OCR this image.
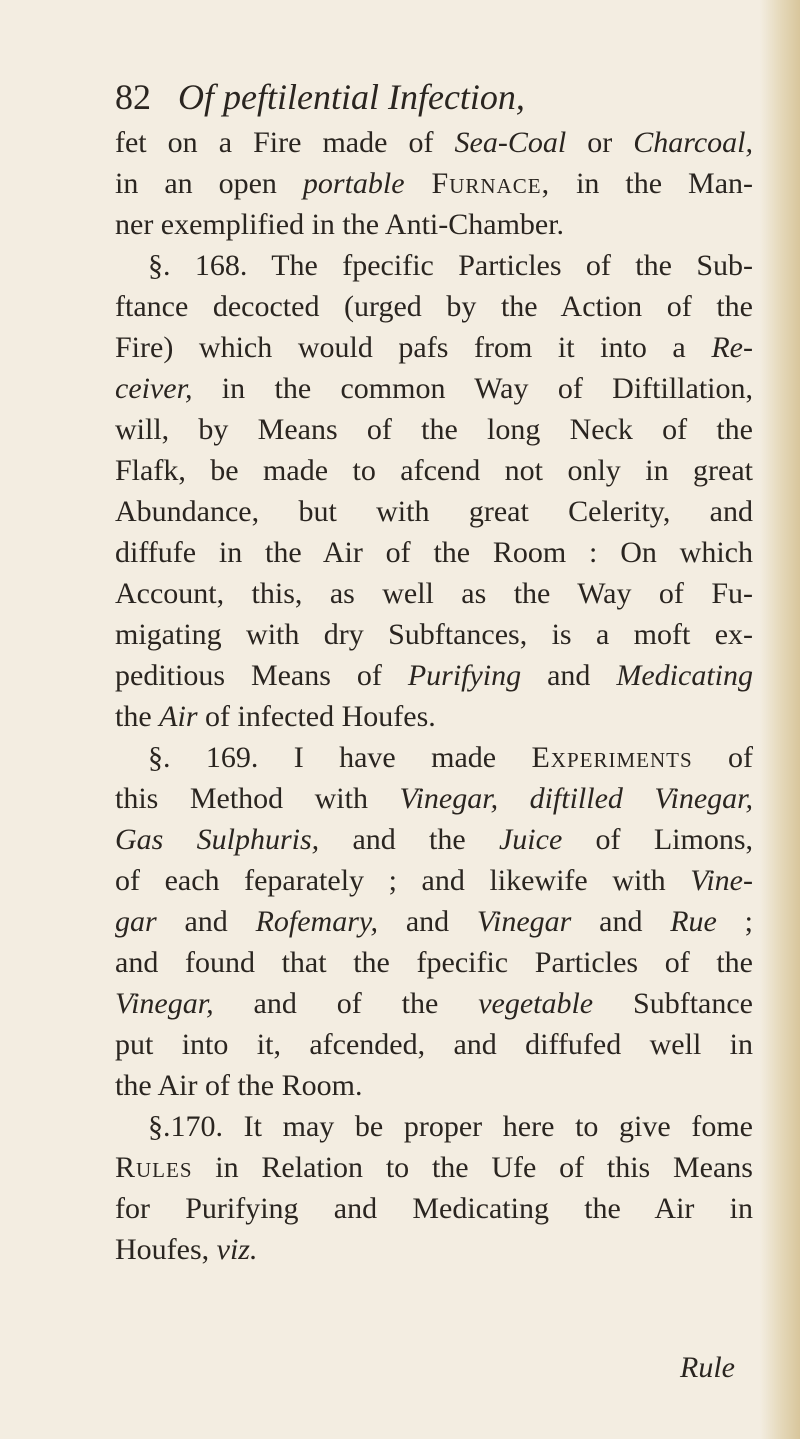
82 Of peftilential Infection,
fet on a Fire made of Sea-Coal or Charcoal,
in an open portable Furnace, in the Man-
ner exemplified in the Anti-Chamber.
§. 168. The fpecific Particles of the Sub-
ftance decocted (urged by the Action of the
Fire) which would pafs from it into a Re-
ceiver, in the common Way of Diftillation,
will, by Means of the long Neck of the
Flafk, be made to afcend not only in great
Abundance, but with great Celerity, and
diffufe in the Air of the Room : On which
Account, this, as well as the Way of Fu-
migating with dry Subftances, is a moft ex-
peditious Means of Purifying and Medicating
the Air of infected Houfes.
§. 169. I have made Experiments of
this Method with Vinegar, diftilled Vinegar,
Gas Sulphuris, and the Juice of Limons,
of each feparately ; and likewife with Vine-
gar and Rofemary, and Vinegar and Rue ;
and found that the fpecific Particles of the
Vinegar, and of the vegetable Subftance
put into it, afcended, and diffufed well in
the Air of the Room.
§.170. It may be proper here to give fome
Rules in Relation to the Ufe of this Means
for Purifying and Medicating the Air in
Houfes, viz.
Rule
